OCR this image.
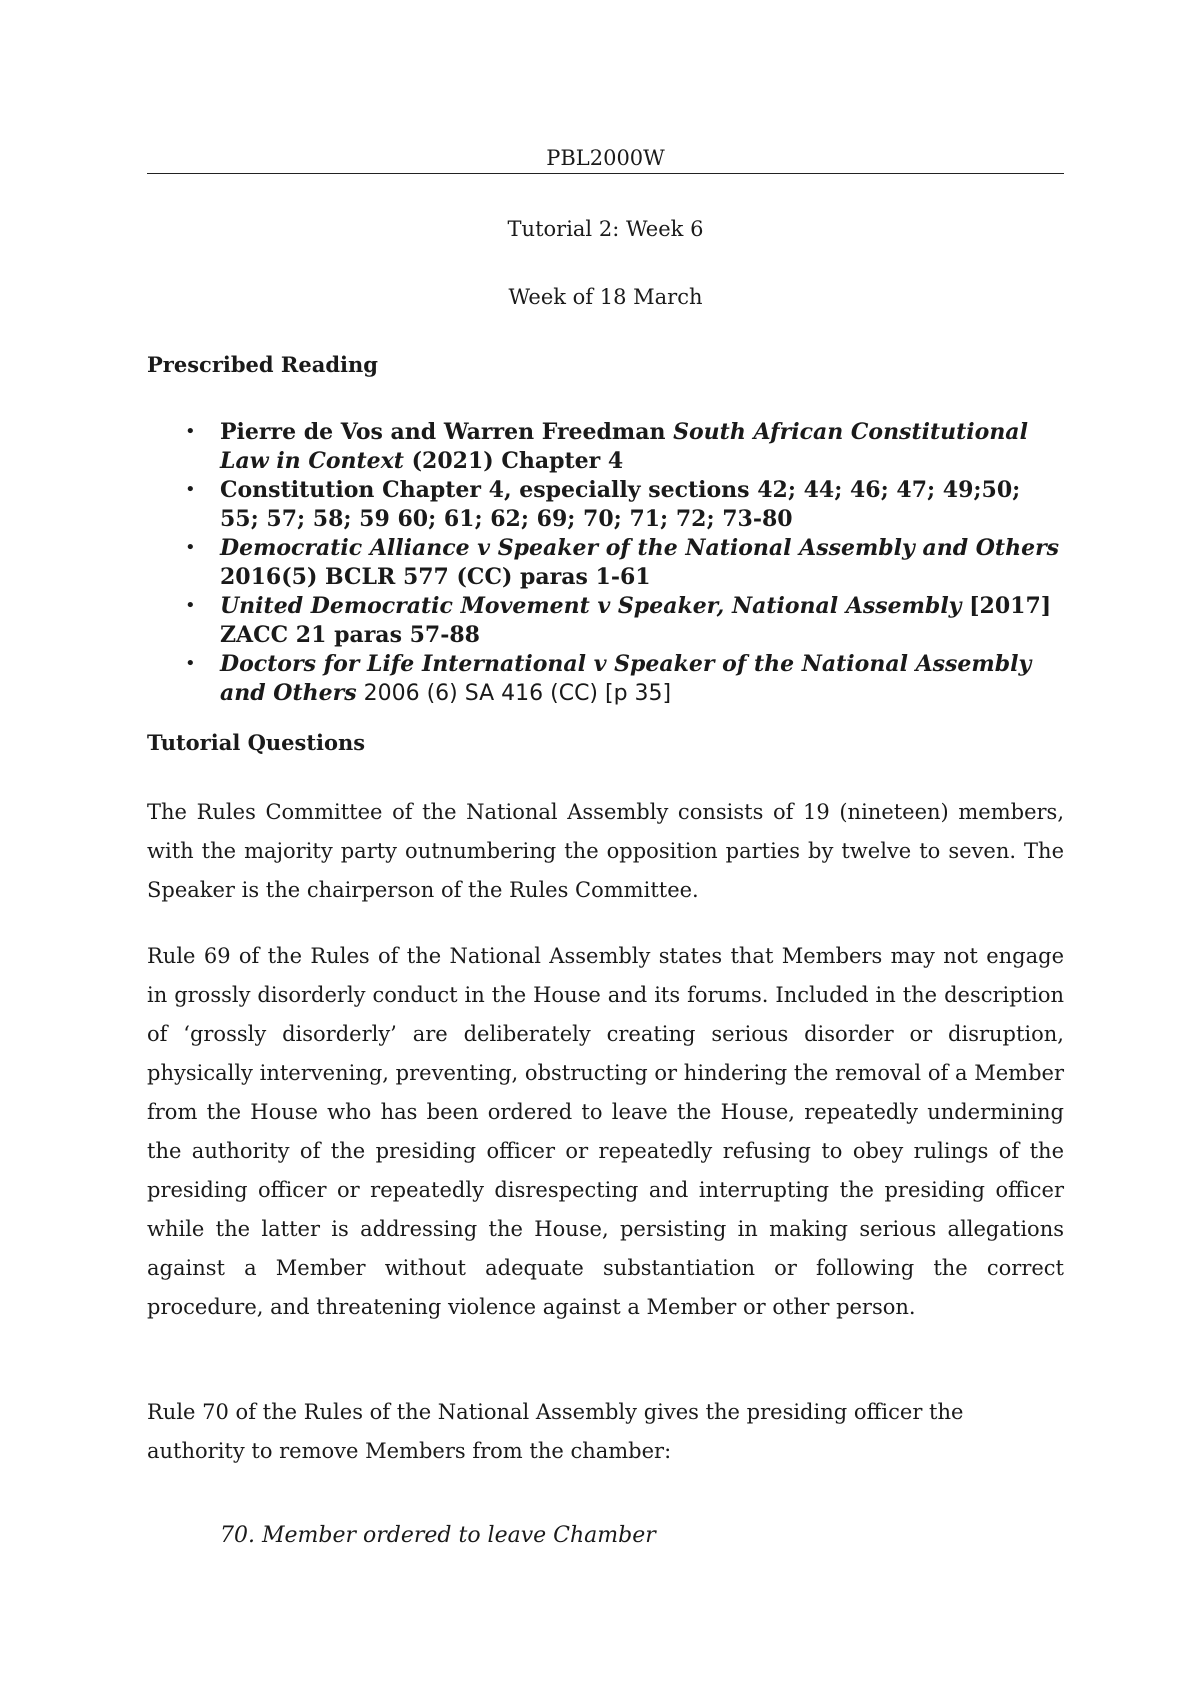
PBL2000W
Tutorial 2: Week 6
Week of 18 March
Prescribed Reading
• Pierre de Vos and Warren Freedman South African Constitutional Law in Context (2021) Chapter 4
• Constitution Chapter 4, especially sections 42; 44; 46; 47; 49;50; 55; 57; 58; 59 60; 61; 62; 69; 70; 71; 72; 73-80
• Democratic Alliance v Speaker of the National Assembly and Others 2016(5) BCLR 577 (CC) paras 1-61
• United Democratic Movement v Speaker, National Assembly [2017] ZACC 21 paras 57-88
• Doctors for Life International v Speaker of the National Assembly and Others 2006 (6) SA 416 (CC) [p 35]
Tutorial Questions
The Rules Committee of the National Assembly consists of 19 (nineteen) members, with the majority party outnumbering the opposition parties by twelve to seven. The Speaker is the chairperson of the Rules Committee.
Rule 69 of the Rules of the National Assembly states that Members may not engage in grossly disorderly conduct in the House and its forums. Included in the description of ‘grossly disorderly’ are deliberately creating serious disorder or disruption, physically intervening, preventing, obstructing or hindering the removal of a Member from the House who has been ordered to leave the House, repeatedly undermining the authority of the presiding officer or repeatedly refusing to obey rulings of the presiding officer or repeatedly disrespecting and interrupting the presiding officer while the latter is addressing the House, persisting in making serious allegations against a Member without adequate substantiation or following the correct procedure, and threatening violence against a Member or other person.
Rule 70 of the Rules of the National Assembly gives the presiding officer the authority to remove Members from the chamber:
70. Member ordered to leave Chamber
